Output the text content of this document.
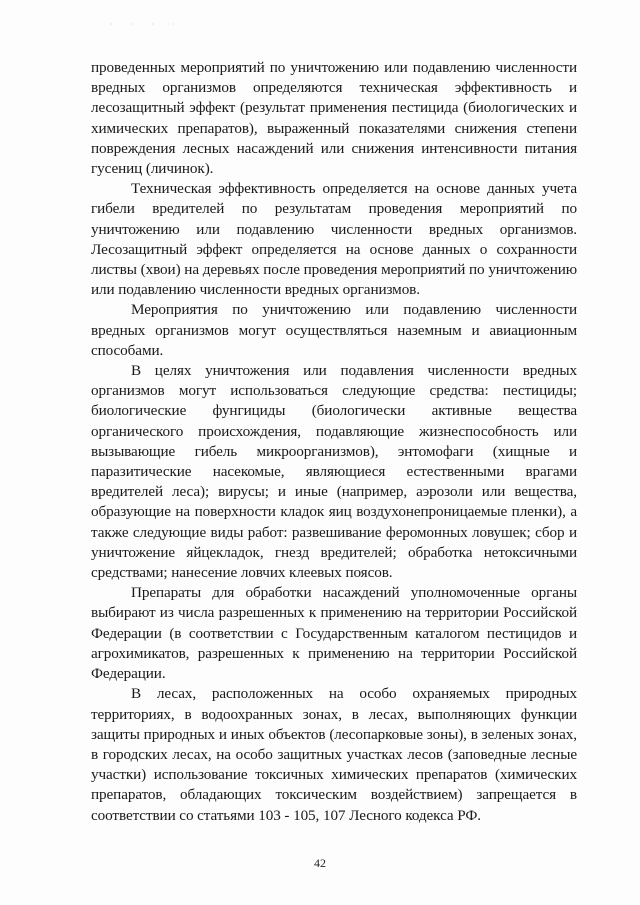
· · · ·

проведенных мероприятий по уничтожению или подавлению численности вредных организмов определяются техническая эффективность и лесозащитный эффект (результат применения пестицида (биологических и химических препаратов), выраженный показателями снижения степени повреждения лесных насаждений или снижения интенсивности питания гусениц (личинок).

Техническая эффективность определяется на основе данных учета гибели вредителей по результатам проведения мероприятий по уничтожению или подавлению численности вредных организмов. Лесозащитный эффект определяется на основе данных о сохранности листвы (хвои) на деревьях после проведения мероприятий по уничтожению или подавлению численности вредных организмов.

Мероприятия по уничтожению или подавлению численности вредных организмов могут осуществляться наземным и авиационным способами.

В целях уничтожения или подавления численности вредных организмов могут использоваться следующие средства: пестициды; биологические фунгициды (биологически активные вещества органического происхождения, подавляющие жизнеспособность или вызывающие гибель микроорганизмов), энтомофаги (хищные и паразитические насекомые, являющиеся естественными врагами вредителей леса); вирусы; и иные (например, аэрозоли или вещества, образующие на поверхности кладок яиц воздухонепроницаемые пленки), а также следующие виды работ: развешивание феромонных ловушек; сбор и уничтожение яйцекладок, гнезд вредителей; обработка нетоксичными средствами; нанесение ловчих клеевых поясов.

Препараты для обработки насаждений уполномоченные органы выбирают из числа разрешенных к применению на территории Российской Федерации (в соответствии с Государственным каталогом пестицидов и агрохимикатов, разрешенных к применению на территории Российской Федерации.

В лесах, расположенных на особо охраняемых природных территориях, в водоохранных зонах, в лесах, выполняющих функции защиты природных и иных объектов (лесопарковые зоны), в зеленых зонах, в городских лесах, на особо защитных участках лесов (заповедные лесные участки) использование токсичных химических препаратов (химических препаратов, обладающих токсическим воздействием) запрещается в соответствии со статьями 103 - 105, 107 Лесного кодекса РФ.

42
